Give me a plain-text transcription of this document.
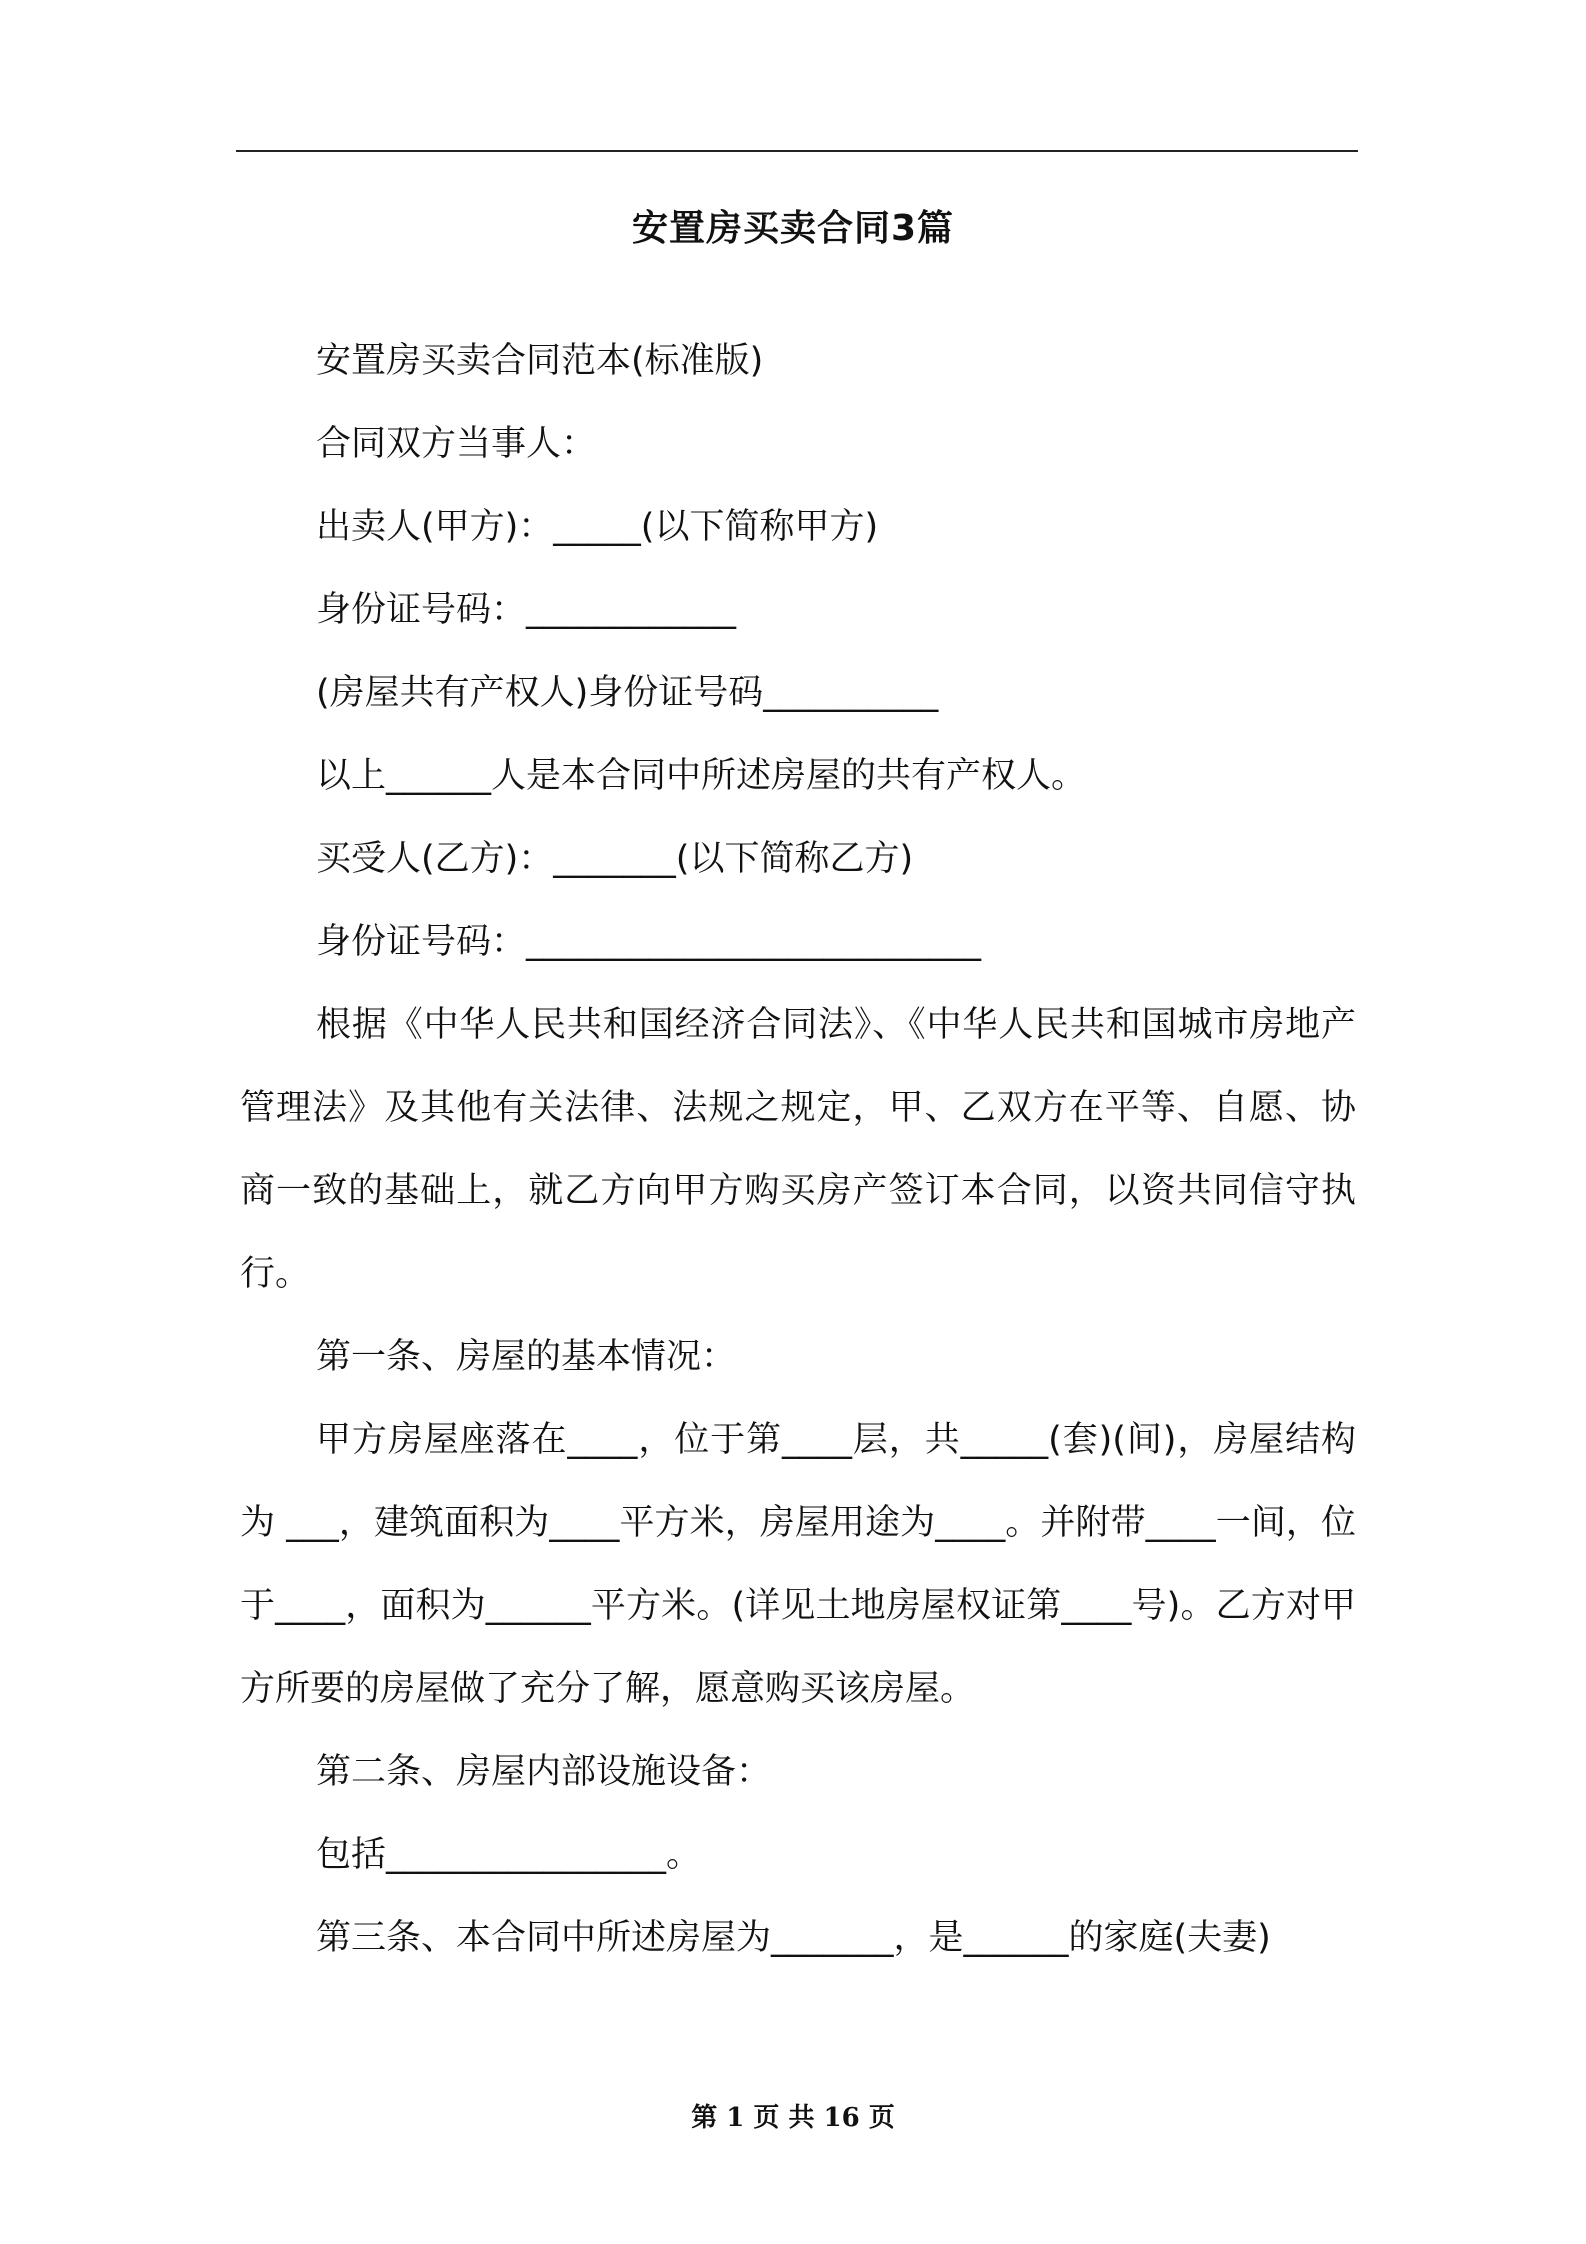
安置房买卖合同3篇

安置房买卖合同范本(标准版)

合同双方当事人：

出卖人(甲方)：_____(以下简称甲方)

身份证号码：____________

(房屋共有产权人)身份证号码__________

以上______人是本合同中所述房屋的共有产权人。

买受人(乙方)：_______(以下简称乙方)

身份证号码：__________________________

根据《中华人民共和国经济合同法》、《中华人民共和国城市房地产管理法》及其他有关法律、法规之规定，甲、乙双方在平等、自愿、协商一致的基础上，就乙方向甲方购买房产签订本合同，以资共同信守执行。

第一条、房屋的基本情况：

甲方房屋座落在____，位于第____层，共_____(套)(间)，房屋结构为 ___，建筑面积为____平方米，房屋用途为____。并附带____一间，位于____，面积为______平方米。(详见土地房屋权证第____号)。乙方对甲方所要的房屋做了充分了解，愿意购买该房屋。

第二条、房屋内部设施设备：

包括________________。

第三条、本合同中所述房屋为_______，是______的家庭(夫妻)

第 1 页 共 16 页
